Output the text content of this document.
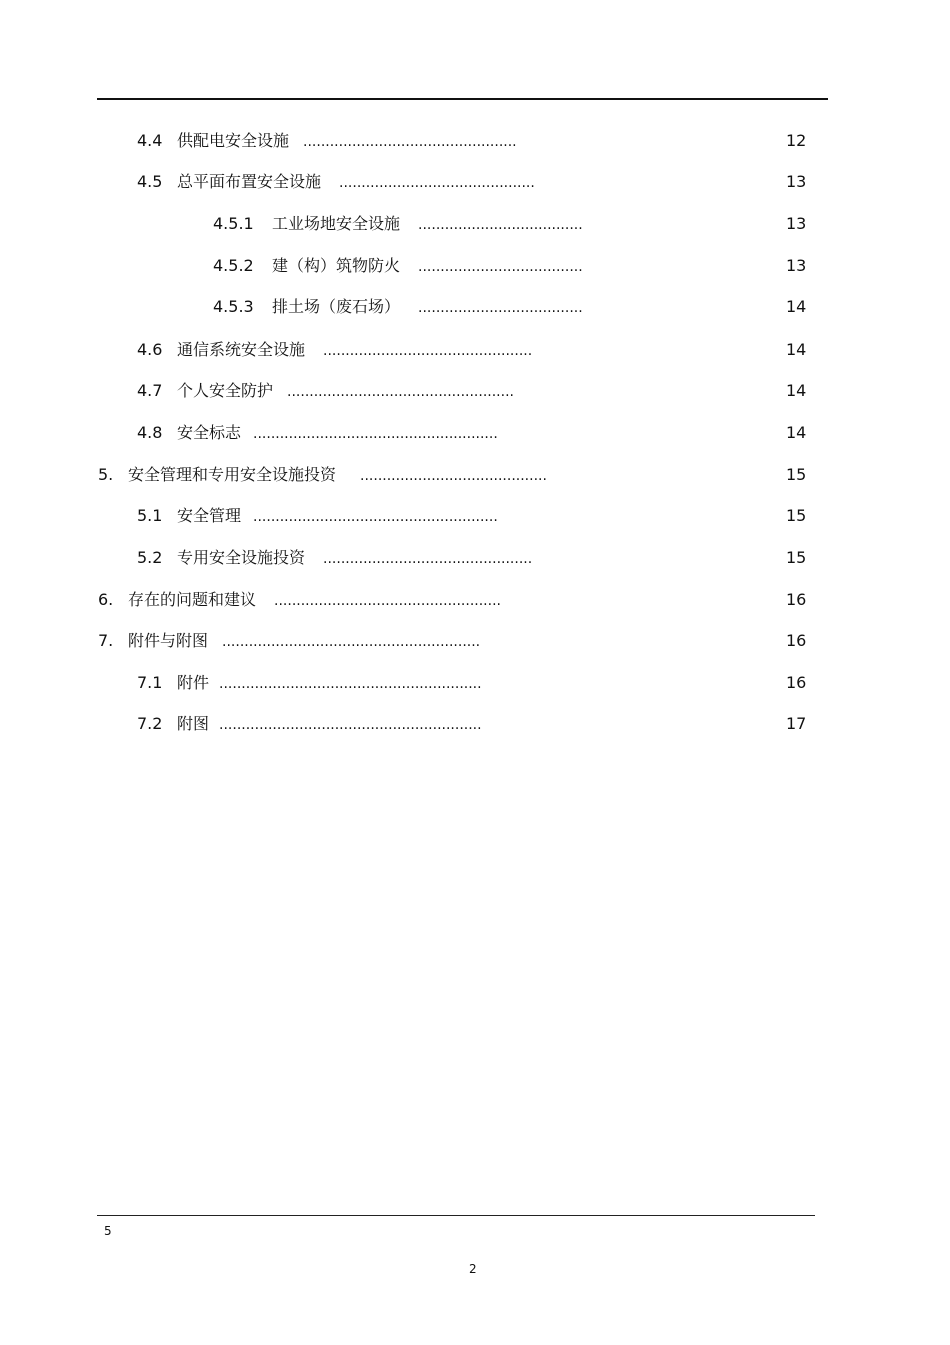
4.4 供配电安全设施 ................................................	12
4.5 总平面布置安全设施 ............................................	13
4.5.1 工业场地安全设施 .....................................	13
4.5.2 建（构）筑物防火 .....................................	13
4.5.3 排土场（废石场） .....................................	14
4.6 通信系统安全设施 ...............................................	14
4.7 个人安全防护 ...................................................	14
4.8 安全标志 .......................................................	14
5. 安全管理和专用安全设施投资 ..........................................	15
5.1 安全管理 .......................................................	15
5.2 专用安全设施投资 ...............................................	15
6. 存在的问题和建议 ...................................................	16
7. 附件与附图 ..........................................................	16
7.1 附件 ...........................................................	16
7.2 附图 ...........................................................	17
5
2
